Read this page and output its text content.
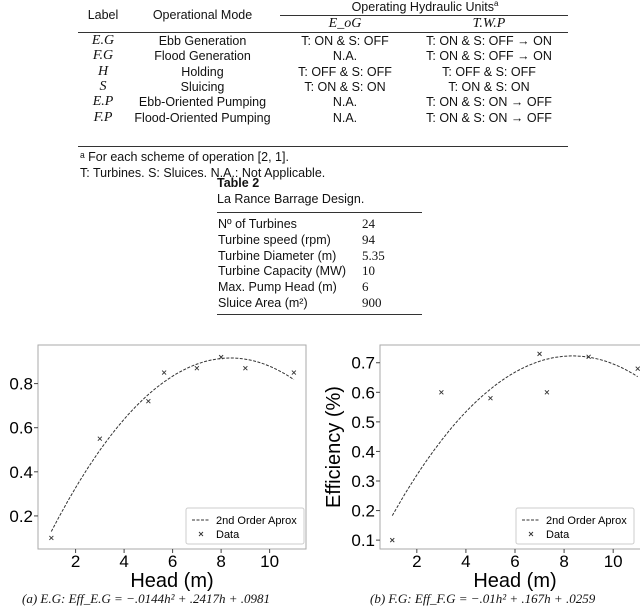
Label	Operational Mode
Operating Hydraulic Units$^a$
E_oG	T.W.P
E.G	Ebb Generation	T: ON & S: OFF	T: ON & S: OFF → ON
F.G	Flood Generation	N.A.	T: ON & S: OFF → ON
H	Holding	T: OFF & S: OFF	T: OFF & S: OFF
S	Sluicing	T: ON & S: ON	T: ON & S: ON
E.P	Ebb-Oriented Pumping	N.A.	T: ON & S: ON → OFF
F.P	Flood-Oriented Pumping	N.A.	T: ON & S: ON → OFF
ᵃ For each scheme of operation [2, 1].
T: Turbines. S: Sluices. N.A.: Not Applicable.
Table 2
La Rance Barrage Design.
Nº of Turbines	24
Turbine speed (rpm) 94
Turbine Diameter (m) 5.35
Turbine Capacity (MW) 10
Max. Pump Head (m) 6
Sluice Area (m²)	900
2 4 6 8 10
0.2
0.4
0.6
0.8
Head (m)
2nd Order Aprox
Data
2 4 6 8 10
0.1
0.2
0.3
0.4
0.5
0.6
0.7
Head (m)
Efficiency (%)
2nd Order Aprox
Data
(a) E.G: Eff_E.G = −.0144h² + .2417h + .0981	(b) F.G: Eff_F.G = −.01h² + .167h + .0259
